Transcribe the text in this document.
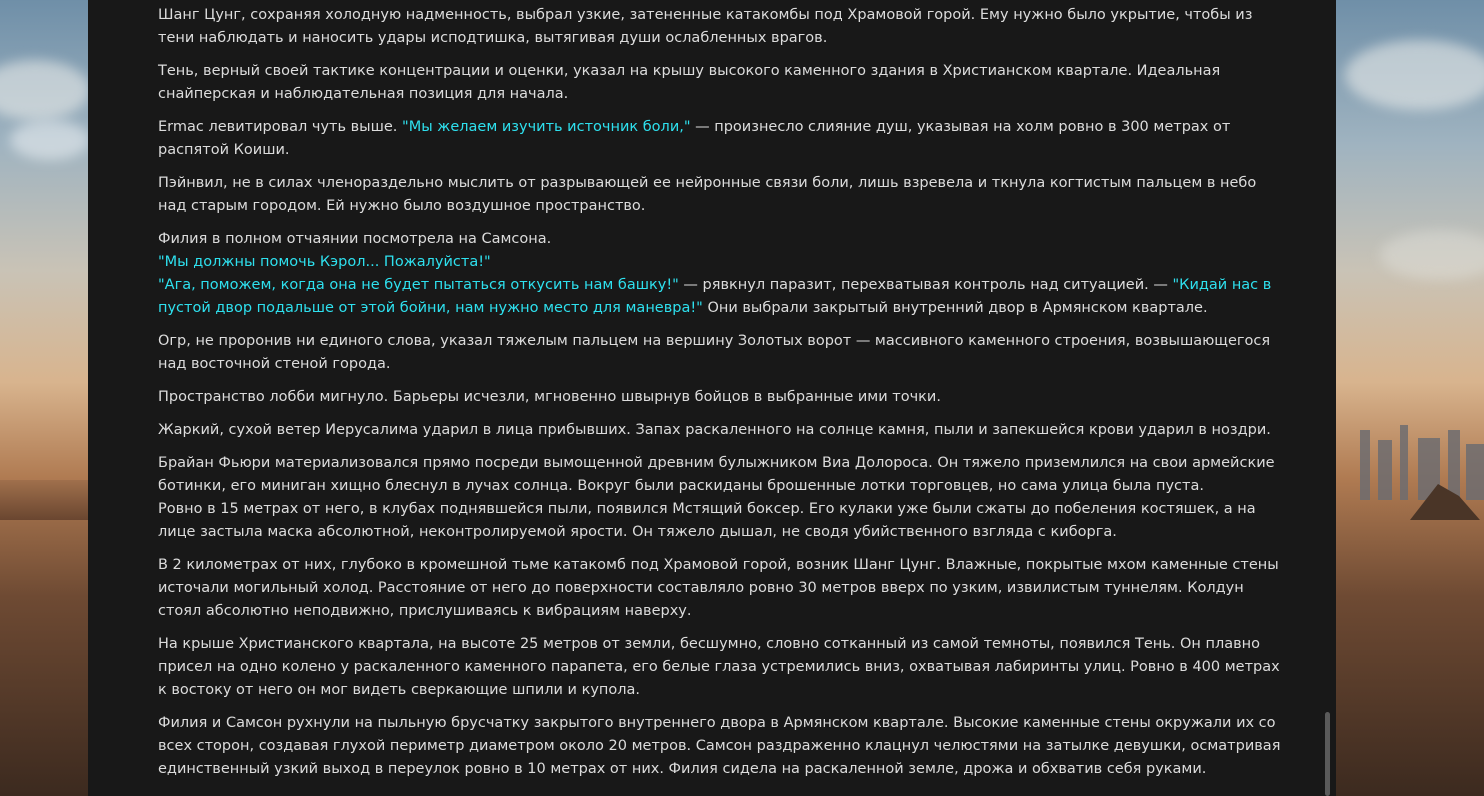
Шанг Цунг, сохраняя холодную надменность, выбрал узкие, затененные катакомбы под Храмовой горой. Ему нужно было укрытие, чтобы из тени наблюдать и наносить удары исподтишка, вытягивая души ослабленных врагов.

Тень, верный своей тактике концентрации и оценки, указал на крышу высокого каменного здания в Христианском квартале. Идеальная снайперская и наблюдательная позиция для начала.

Ermac левитировал чуть выше. "Мы желаем изучить источник боли," — произнесло слияние душ, указывая на холм ровно в 300 метрах от распятой Коиши.

Пэйнвил, не в силах членораздельно мыслить от разрывающей ее нейронные связи боли, лишь взревела и ткнула когтистым пальцем в небо над старым городом. Ей нужно было воздушное пространство.

Филия в полном отчаянии посмотрела на Самсона.
"Мы должны помочь Кэрол... Пожалуйста!"
"Ага, поможем, когда она не будет пытаться откусить нам башку!" — рявкнул паразит, перехватывая контроль над ситуацией. — "Кидай нас в пустой двор подальше от этой бойни, нам нужно место для маневра!" Они выбрали закрытый внутренний двор в Армянском квартале.

Огр, не проронив ни единого слова, указал тяжелым пальцем на вершину Золотых ворот — массивного каменного строения, возвышающегося над восточной стеной города.

Пространство лобби мигнуло. Барьеры исчезли, мгновенно швырнув бойцов в выбранные ими точки.

Жаркий, сухой ветер Иерусалима ударил в лица прибывших. Запах раскаленного на солнце камня, пыли и запекшейся крови ударил в ноздри.

Брайан Фьюри материализовался прямо посреди вымощенной древним булыжником Виа Долороса. Он тяжело приземлился на свои армейские ботинки, его миниган хищно блеснул в лучах солнца. Вокруг были раскиданы брошенные лотки торговцев, но сама улица была пуста.
Ровно в 15 метрах от него, в клубах поднявшейся пыли, появился Мстящий боксер. Его кулаки уже были сжаты до побеления костяшек, а на лице застыла маска абсолютной, неконтролируемой ярости. Он тяжело дышал, не сводя убийственного взгляда с киборга.

В 2 километрах от них, глубоко в кромешной тьме катакомб под Храмовой горой, возник Шанг Цунг. Влажные, покрытые мхом каменные стены источали могильный холод. Расстояние от него до поверхности составляло ровно 30 метров вверх по узким, извилистым туннелям. Колдун стоял абсолютно неподвижно, прислушиваясь к вибрациям наверху.

На крыше Христианского квартала, на высоте 25 метров от земли, бесшумно, словно сотканный из самой темноты, появился Тень. Он плавно присел на одно колено у раскаленного каменного парапета, его белые глаза устремились вниз, охватывая лабиринты улиц. Ровно в 400 метрах к востоку от него он мог видеть сверкающие шпили и купола.

Филия и Самсон рухнули на пыльную брусчатку закрытого внутреннего двора в Армянском квартале. Высокие каменные стены окружали их со всех сторон, создавая глухой периметр диаметром около 20 метров. Самсон раздраженно клацнул челюстями на затылке девушки, осматривая единственный узкий выход в переулок ровно в 10 метрах от них. Филия сидела на раскаленной земле, дрожа и обхватив себя руками.
